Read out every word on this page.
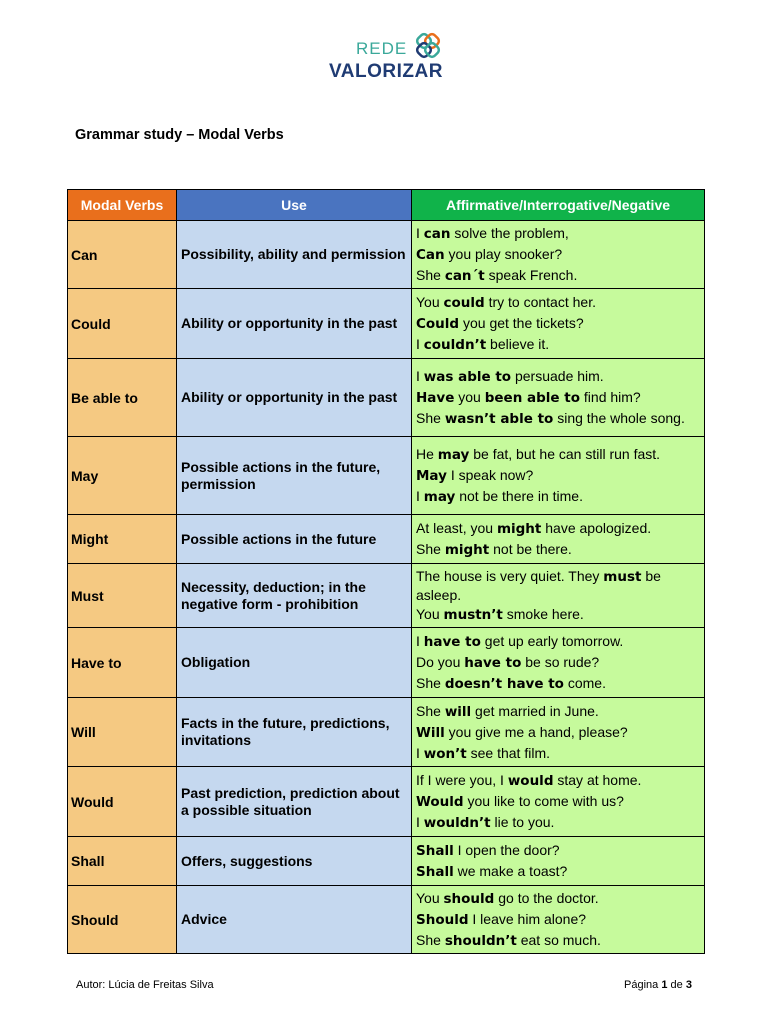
REDE
VALORIZAR
Grammar study – Modal Verbs
Modal Verbs	Use	Affirmative/Interrogative/Negative
Can	Possibility, ability and permission	I can solve the problem,
Can you play snooker?
She can´t speak French.

Could	Ability or opportunity in the past	You could try to contact her.
Could you get the tickets?
I couldn’t believe it.

Be able to	Ability or opportunity in the past	I was able to persuade him.
Have you been able to find him?
She wasn’t able to sing the whole song.

May	Possible actions in the future, permission	He may be fat, but he can still run fast.
May I speak now?
I may not be there in time.

Might	Possible actions in the future	At least, you might have apologized.
She might not be there.

Must	Necessity, deduction; in the negative form - prohibition	The house is very quiet. They must be asleep.
You mustn’t smoke here.

Have to	Obligation	I have to get up early tomorrow.
Do you have to be so rude?
She doesn’t have to come.

Will	Facts in the future, predictions, invitations	She will get married in June.
Will you give me a hand, please?
I won’t see that film.

Would	Past prediction, prediction about a possible situation	If I were you, I would stay at home.
Would you like to come with us?
I wouldn’t lie to you.

Shall	Offers, suggestions	Shall I open the door?
Shall we make a toast?

Should	Advice	You should go to the doctor.
Should I leave him alone?
She shouldn’t eat so much.
Autor: Lúcia de Freitas Silva	Página 1 de 3
